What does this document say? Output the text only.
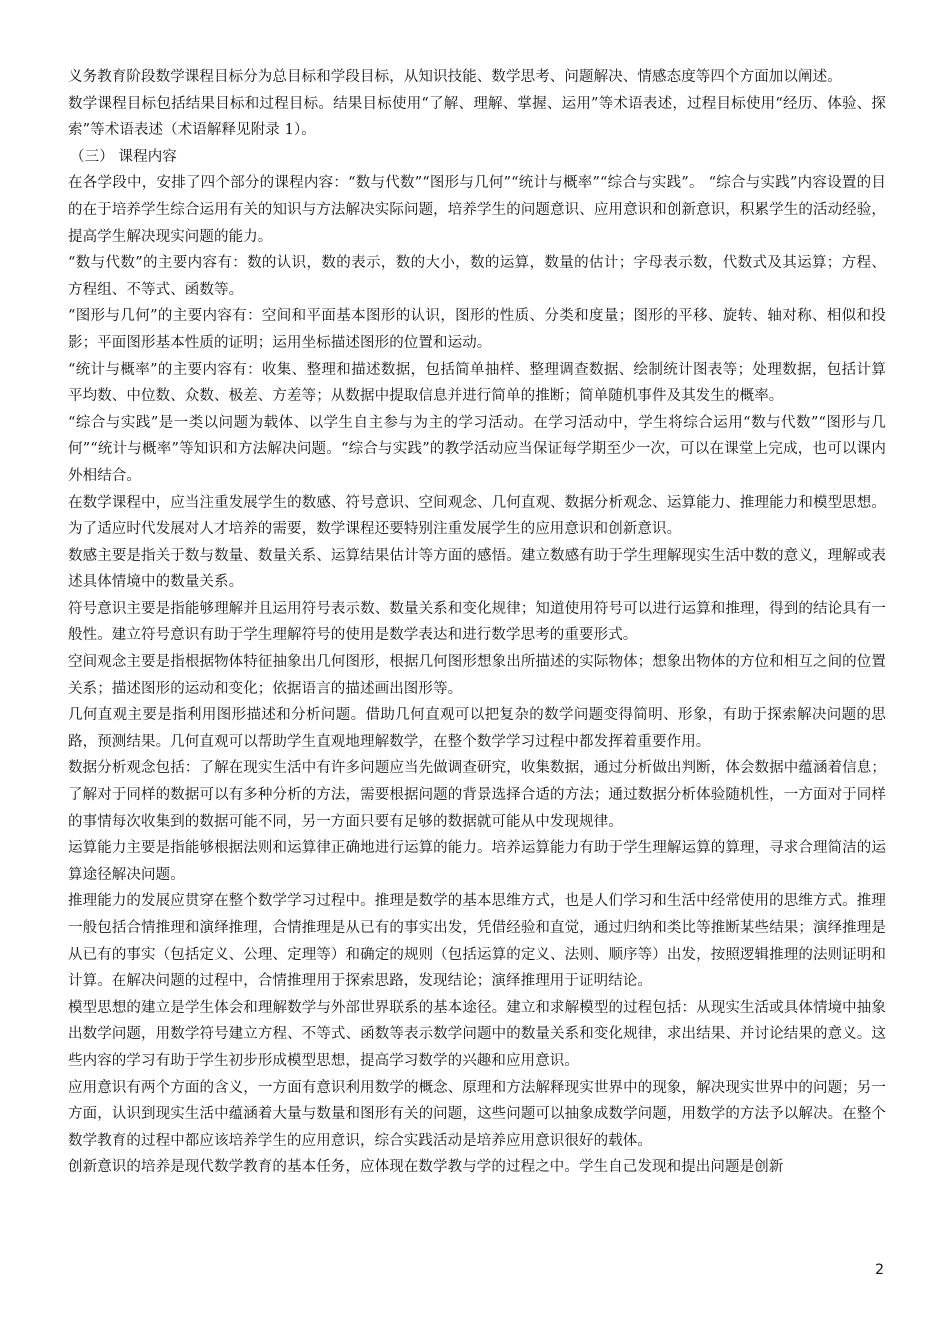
义务教育阶段数学课程目标分为总目标和学段目标，从知识技能、数学思考、问题解决、情感态度等四个方面加以阐述。

数学课程目标包括结果目标和过程目标。结果目标使用“了解、理解、掌握、运用”等术语表述，过程目标使用“经历、体验、探索”等术语表述（术语解释见附录 1）。

（三） 课程内容

在各学段中，安排了四个部分的课程内容：“数与代数”“图形与几何”“统计与概率”“综合与实践”。 “综合与实践”内容设置的目的在于培养学生综合运用有关的知识与方法解决实际问题，培养学生的问题意识、应用意识和创新意识，积累学生的活动经验，提高学生解决现实问题的能力。

“数与代数”的主要内容有：数的认识，数的表示，数的大小，数的运算，数量的估计；字母表示数，代数式及其运算；方程、方程组、不等式、函数等。

“图形与几何”的主要内容有：空间和平面基本图形的认识，图形的性质、分类和度量；图形的平移、旋转、轴对称、相似和投影；平面图形基本性质的证明；运用坐标描述图形的位置和运动。

“统计与概率”的主要内容有：收集、整理和描述数据，包括简单抽样、整理调查数据、绘制统计图表等；处理数据，包括计算平均数、中位数、众数、极差、方差等；从数据中提取信息并进行简单的推断；简单随机事件及其发生的概率。

“综合与实践”是一类以问题为载体、以学生自主参与为主的学习活动。在学习活动中，学生将综合运用“数与代数”“图形与几何”“统计与概率”等知识和方法解决问题。“综合与实践”的教学活动应当保证每学期至少一次，可以在课堂上完成，也可以课内外相结合。

在数学课程中，应当注重发展学生的数感、符号意识、空间观念、几何直观、数据分析观念、运算能力、推理能力和模型思想。为了适应时代发展对人才培养的需要，数学课程还要特别注重发展学生的应用意识和创新意识。

数感主要是指关于数与数量、数量关系、运算结果估计等方面的感悟。建立数感有助于学生理解现实生活中数的意义，理解或表述具体情境中的数量关系。

符号意识主要是指能够理解并且运用符号表示数、数量关系和变化规律；知道使用符号可以进行运算和推理，得到的结论具有一般性。建立符号意识有助于学生理解符号的使用是数学表达和进行数学思考的重要形式。

空间观念主要是指根据物体特征抽象出几何图形，根据几何图形想象出所描述的实际物体；想象出物体的方位和相互之间的位置关系；描述图形的运动和变化；依据语言的描述画出图形等。

几何直观主要是指利用图形描述和分析问题。借助几何直观可以把复杂的数学问题变得简明、形象，有助于探索解决问题的思路，预测结果。几何直观可以帮助学生直观地理解数学，在整个数学学习过程中都发挥着重要作用。

数据分析观念包括：了解在现实生活中有许多问题应当先做调查研究，收集数据，通过分析做出判断，体会数据中蕴涵着信息；了解对于同样的数据可以有多种分析的方法，需要根据问题的背景选择合适的方法；通过数据分析体验随机性，一方面对于同样的事情每次收集到的数据可能不同，另一方面只要有足够的数据就可能从中发现规律。

运算能力主要是指能够根据法则和运算律正确地进行运算的能力。培养运算能力有助于学生理解运算的算理，寻求合理简洁的运算途径解决问题。

推理能力的发展应贯穿在整个数学学习过程中。推理是数学的基本思维方式，也是人们学习和生活中经常使用的思维方式。推理一般包括合情推理和演绎推理，合情推理是从已有的事实出发，凭借经验和直觉，通过归纳和类比等推断某些结果；演绎推理是从已有的事实（包括定义、公理、定理等）和确定的规则（包括运算的定义、法则、顺序等）出发，按照逻辑推理的法则证明和计算。在解决问题的过程中，合情推理用于探索思路，发现结论；演绎推理用于证明结论。

模型思想的建立是学生体会和理解数学与外部世界联系的基本途径。建立和求解模型的过程包括：从现实生活或具体情境中抽象出数学问题，用数学符号建立方程、不等式、函数等表示数学问题中的数量关系和变化规律，求出结果、并讨论结果的意义。这些内容的学习有助于学生初步形成模型思想，提高学习数学的兴趣和应用意识。

应用意识有两个方面的含义，一方面有意识利用数学的概念、原理和方法解释现实世界中的现象，解决现实世界中的问题；另一方面，认识到现实生活中蕴涵着大量与数量和图形有关的问题，这些问题可以抽象成数学问题，用数学的方法予以解决。在整个数学教育的过程中都应该培养学生的应用意识，综合实践活动是培养应用意识很好的载体。

创新意识的培养是现代数学教育的基本任务，应体现在数学教与学的过程之中。学生自己发现和提出问题是创新

2
